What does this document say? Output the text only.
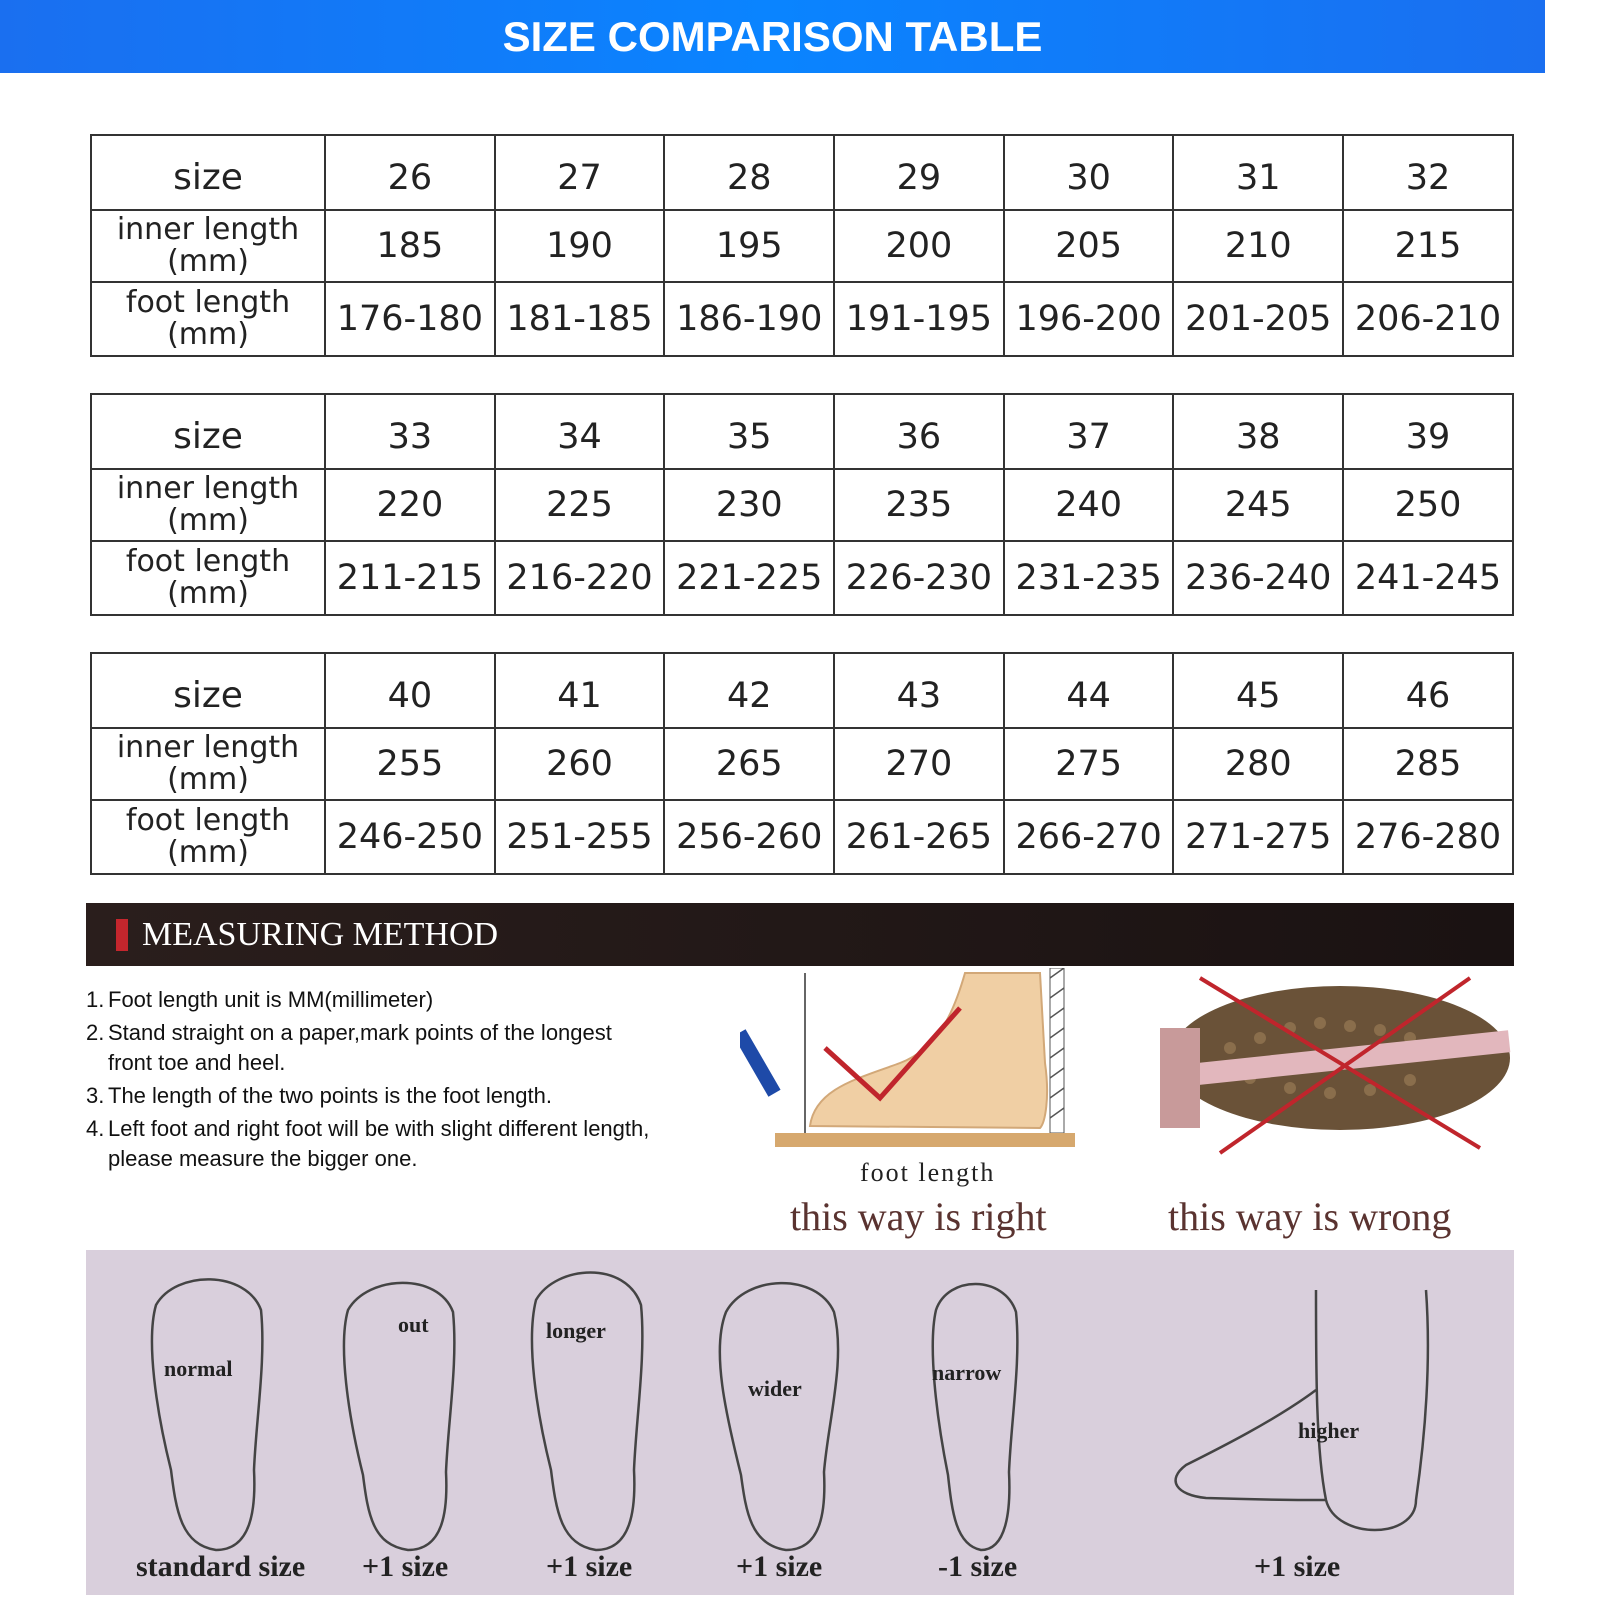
SIZE COMPARISON TABLE
size	26	27	28	29	30	31	32
inner length
(mm)	185	190	195	200	205	210	215
foot length
(mm)	176-180	181-185	186-190	191-195	196-200	201-205	206-210
size	33	34	35	36	37	38	39
inner length
(mm)	220	225	230	235	240	245	250
foot length
(mm)	211-215	216-220	221-225	226-230	231-235	236-240	241-245
size	40	41	42	43	44	45	46
inner length
(mm)	255	260	265	270	275	280	285
foot length
(mm)	246-250	251-255	256-260	261-265	266-270	271-275	276-280
MEASURING METHOD
1. Foot length unit is MM(millimeter)
2. Stand straight on a paper,mark points of the longest
front toe and heel.
3. The length of the two points is the foot length.
4. Left foot and right foot will be with slight different length,
please measure the bigger one.	foot length
this way is right	this way is wrong
normal
out	longer
wider
narrow
higher
standard size +1 size	+1 size	+1 size	-1 size	+1 size
